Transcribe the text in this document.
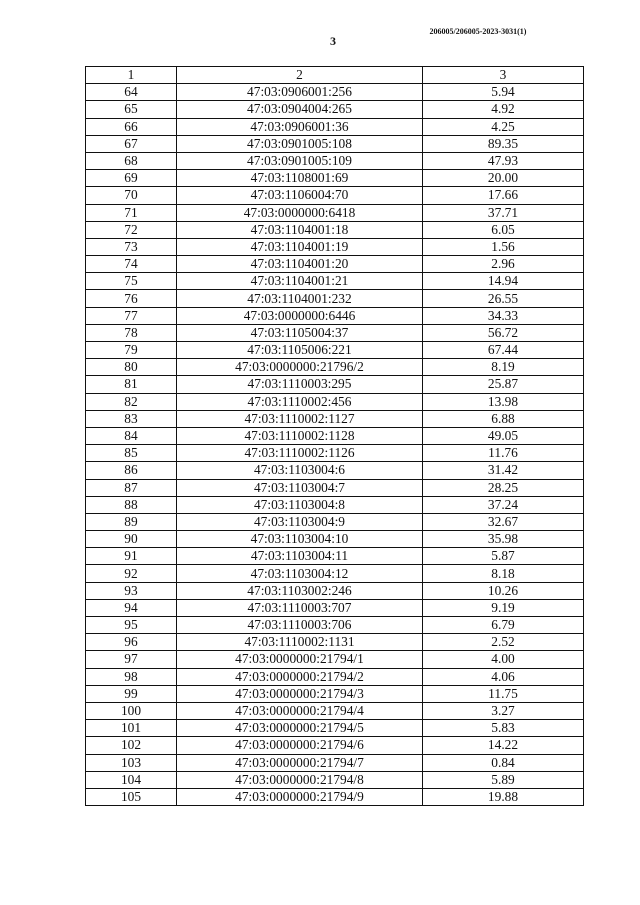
3
206005/206005-2023-3031(1)
1	2	3
64	47:03:0906001:256	5.94
65	47:03:0904004:265	4.92
66	47:03:0906001:36	4.25
67	47:03:0901005:108	89.35
68	47:03:0901005:109	47.93
69	47:03:1108001:69	20.00
70	47:03:1106004:70	17.66
71	47:03:0000000:6418	37.71
72	47:03:1104001:18	6.05
73	47:03:1104001:19	1.56
74	47:03:1104001:20	2.96
75	47:03:1104001:21	14.94
76	47:03:1104001:232	26.55
77	47:03:0000000:6446	34.33
78	47:03:1105004:37	56.72
79	47:03:1105006:221	67.44
80	47:03:0000000:21796/2	8.19
81	47:03:1110003:295	25.87
82	47:03:1110002:456	13.98
83	47:03:1110002:1127	6.88
84	47:03:1110002:1128	49.05
85	47:03:1110002:1126	11.76
86	47:03:1103004:6	31.42
87	47:03:1103004:7	28.25
88	47:03:1103004:8	37.24
89	47:03:1103004:9	32.67
90	47:03:1103004:10	35.98
91	47:03:1103004:11	5.87
92	47:03:1103004:12	8.18
93	47:03:1103002:246	10.26
94	47:03:1110003:707	9.19
95	47:03:1110003:706	6.79
96	47:03:1110002:1131	2.52
97	47:03:0000000:21794/1	4.00
98	47:03:0000000:21794/2	4.06
99	47:03:0000000:21794/3	11.75
100	47:03:0000000:21794/4	3.27
101	47:03:0000000:21794/5	5.83
102	47:03:0000000:21794/6	14.22
103	47:03:0000000:21794/7	0.84
104	47:03:0000000:21794/8	5.89
105	47:03:0000000:21794/9	19.88
